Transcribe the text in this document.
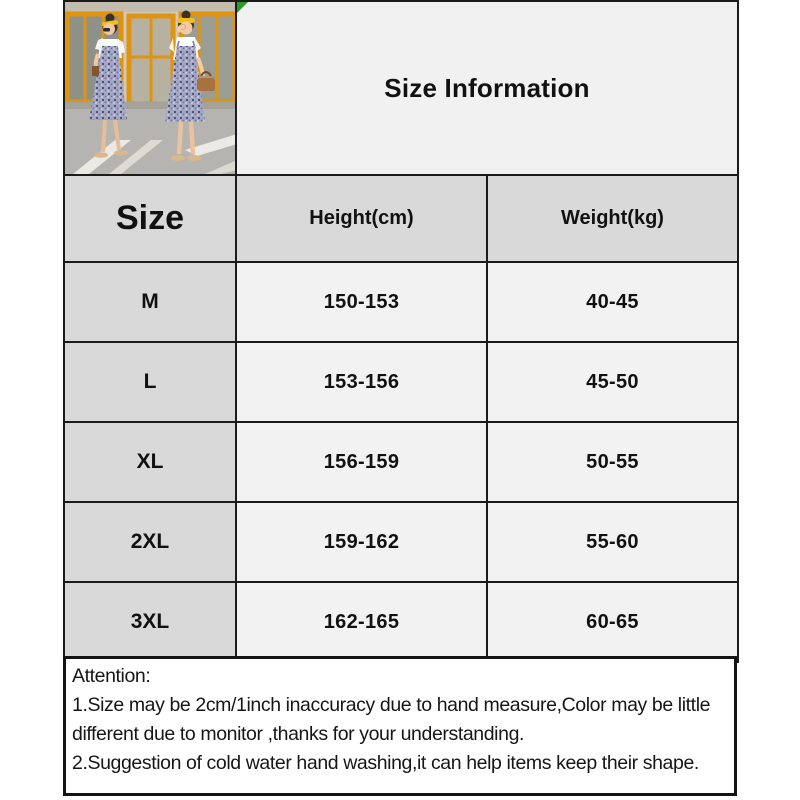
Size Information	
Size	Height(cm)	Weight(kg)
M	150-153	40-45
L	153-156	45-50
XL	156-159	50-55
2XL	159-162	55-60
3XL	162-165	60-65
Attention:
1.Size may be 2cm/1inch inaccuracy due to hand measure,Color may be little
different due to monitor ,thanks for your understanding.
2.Suggestion of cold water hand washing,it can help items keep their shape.
